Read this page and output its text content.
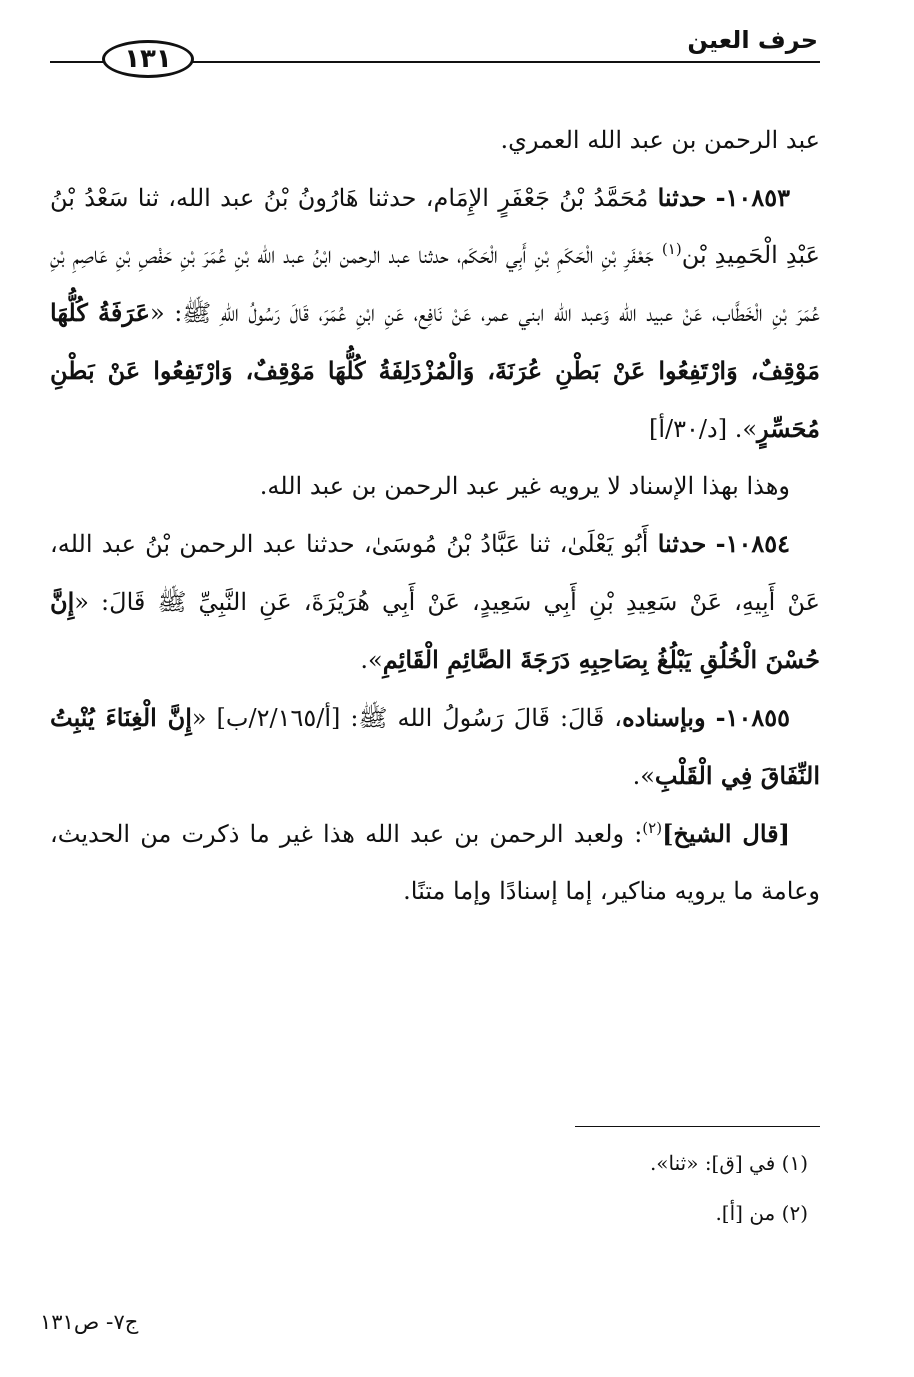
حرف العين
١٣١

عبد الرحمن بن عبد الله العمري.

١٠٨٥٣- حدثنا مُحَمَّدُ بْنُ جَعْفَرٍ الإِمَام، حدثنا هَارُونُ بْنُ عبد الله، ثنا سَعْدُ بْنُ عَبْدِ الْحَمِيدِ بْن$^{(١)}$ جَعْفَرِ بْنِ الْحَكَمِ بْنِ أَبِي الْحَكَم، حدثنا عبد الرحمن ابْنُ عبد الله بْنِ عُمَرَ بْنِ حَفْصِ بْنِ عَاصِمِ بْنِ عُمَرَ بْنِ الْخَطَّاب، عَنْ عبيد الله وَعبد الله ابني عمر، عَنْ نَافِع، عَنِ ابْنِ عُمَرَ، قَالَ رَسُولُ اللهِ ﷺ: «عَرَفَةُ كُلُّهَا مَوْقِفٌ، وَارْتَفِعُوا عَنْ بَطْنِ عُرَنَةَ، وَالْمُزْدَلِفَةُ كُلُّهَا مَوْقِفٌ، وَارْتَفِعُوا عَنْ بَطْنِ مُحَسِّرٍ». [د/٣٠/أ]

وهذا بهذا الإسناد لا يرويه غير عبد الرحمن بن عبد الله.

١٠٨٥٤- حدثنا أَبُو يَعْلَىٰ، ثنا عَبَّادُ بْنُ مُوسَىٰ، حدثنا عبد الرحمن بْنُ عبد الله، عَنْ أَبِيهِ، عَنْ سَعِيدِ بْنِ أَبِي سَعِيدٍ، عَنْ أَبِي هُرَيْرَةَ، عَنِ النَّبِيِّ ﷺ قَالَ: «إِنَّ حُسْنَ الْخُلُقِ يَبْلُغُ بِصَاحِبِهِ دَرَجَةَ الصَّائِمِ الْقَائِمِ».

١٠٨٥٥- وبإسناده، قَالَ: قَالَ رَسُولُ الله ﷺ: [أ/٢/١٦٥/ب] «إِنَّ الْغِنَاءَ يُنْبِتُ النِّفَاقَ فِي الْقَلْبِ».

[قال الشيخ]$^{(٢)}$: ولعبد الرحمن بن عبد الله هذا غير ما ذكرت من الحديث، وعامة ما يرويه مناكير، إما إسنادًا وإما متنًا.

(١) في [ق]: «ثنا».
(٢) من [أ].
ج٧- ص١٣١
